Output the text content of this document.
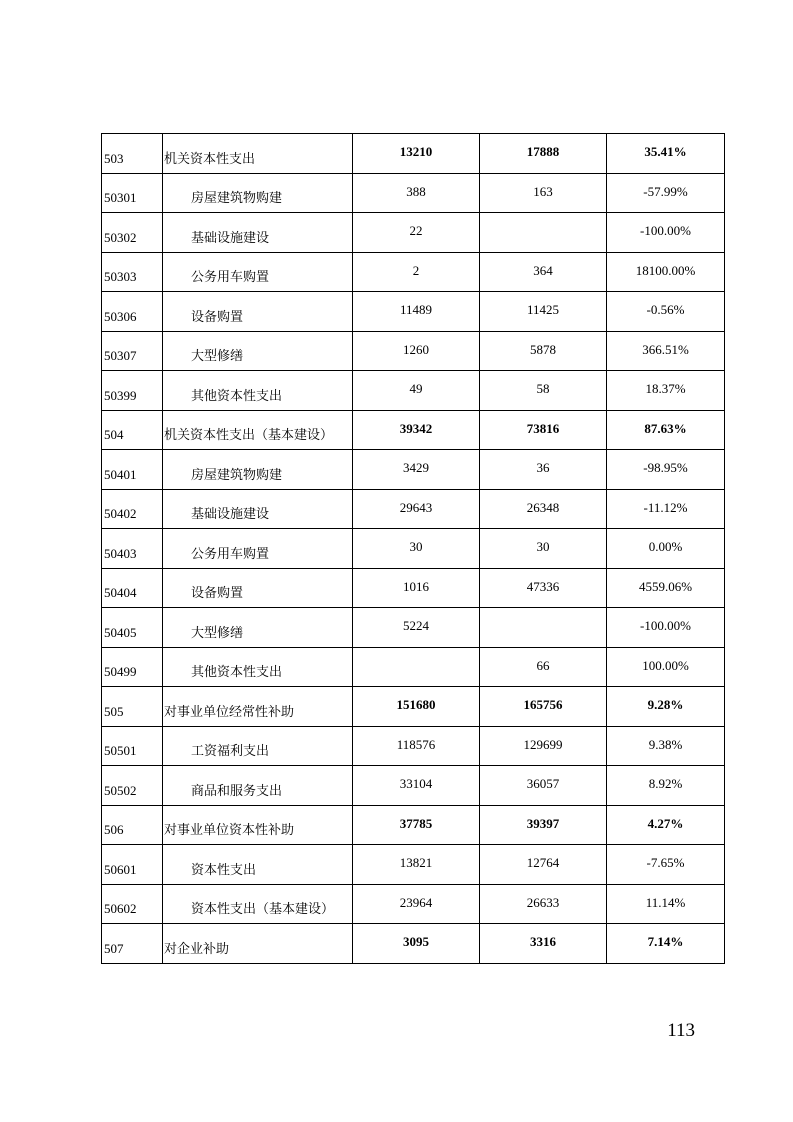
503	机关资本性支出	13210	17888	35.41%
50301	房屋建筑物购建	388	163	-57.99%
50302	基础设施建设	22		-100.00%
50303	公务用车购置	2	364	18100.00%
50306	设备购置	11489	11425	-0.56%
50307	大型修缮	1260	5878	366.51%
50399	其他资本性支出	49	58	18.37%
504	机关资本性支出（基本建设）	39342	73816	87.63%
50401	房屋建筑物购建	3429	36	-98.95%
50402	基础设施建设	29643	26348	-11.12%
50403	公务用车购置	30	30	0.00%
50404	设备购置	1016	47336	4559.06%
50405	大型修缮	5224		-100.00%
50499	其他资本性支出		66	100.00%
505	对事业单位经常性补助	151680	165756	9.28%
50501	工资福利支出	118576	129699	9.38%
50502	商品和服务支出	33104	36057	8.92%
506	对事业单位资本性补助	37785	39397	4.27%
50601	资本性支出	13821	12764	-7.65%
50602	资本性支出（基本建设）	23964	26633	11.14%
507	对企业补助	3095	3316	7.14%
113
